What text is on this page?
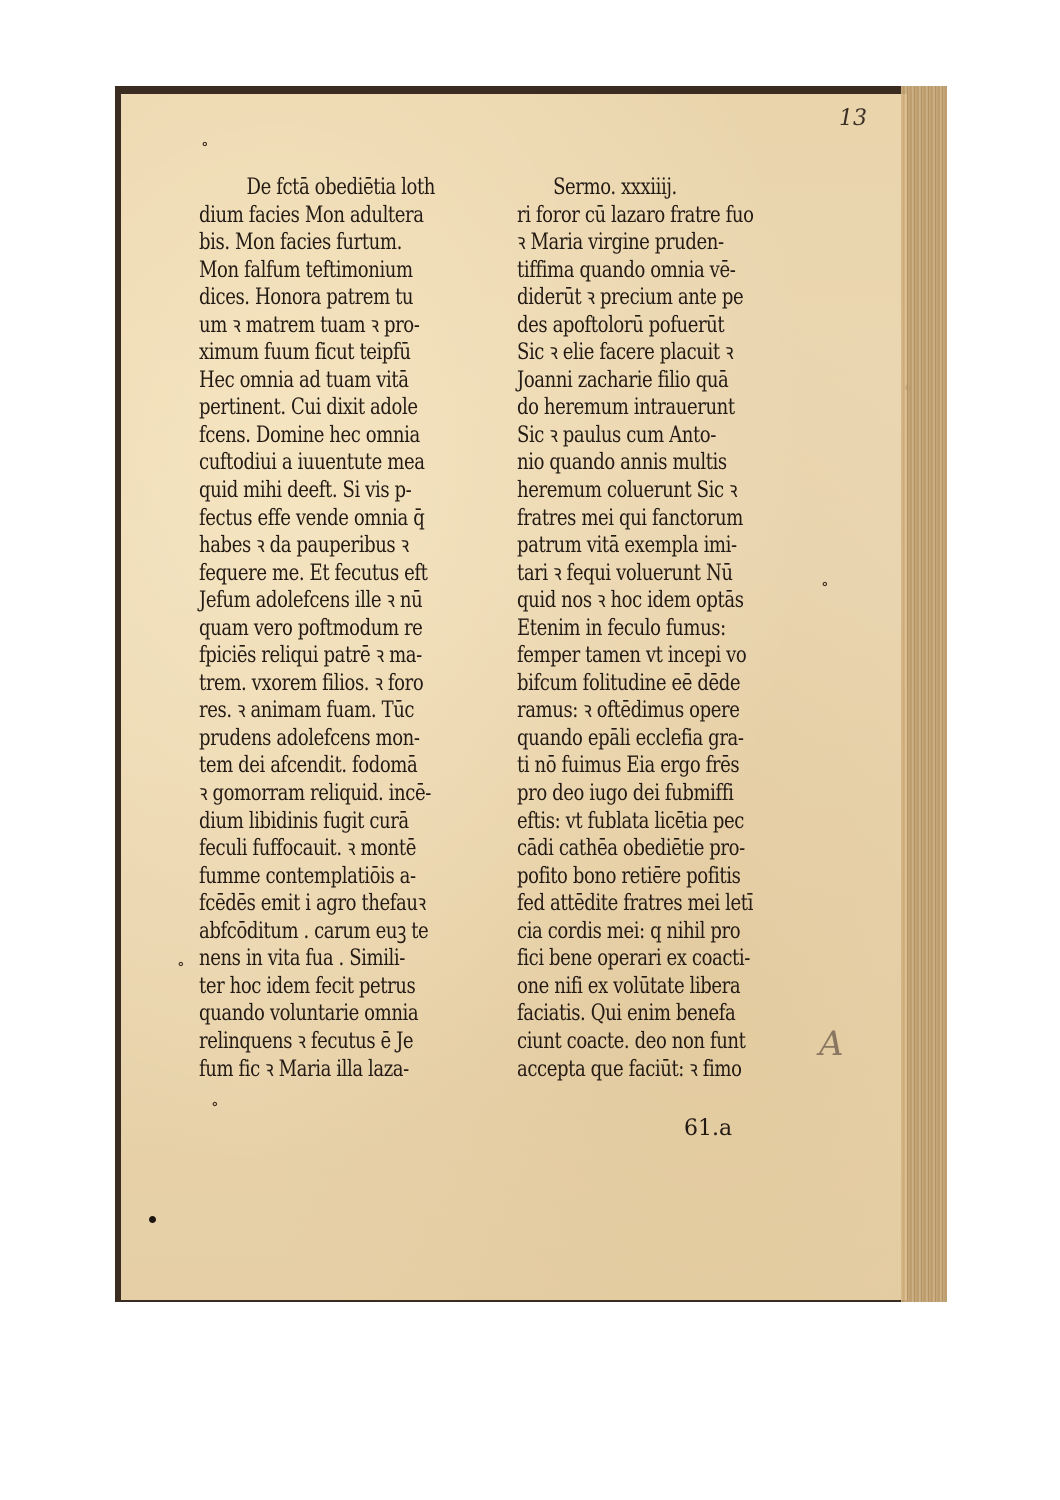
13
De fctā obediētia loth
dium facies Mon adultera
bis. Mon facies furtum.
Mon falfum teftimonium
dices. Honora patrem tu
um ꝛ matrem tuam ꝛ pro-
ximum fuum ficut teipfū
Hec omnia ad tuam vitā
pertinent. Cui dixit adole
fcens. Domine hec omnia
cuftodiui a iuuentute mea
quid mihi deeft. Si vis p-
fectus effe vende omnia q̄
habes ꝛ da pauperibus ꝛ
fequere me. Et fecutus eft
Jefum adolefcens ille ꝛ nū
quam vero poftmodum re
fpiciēs reliqui patrē ꝛ ma-
trem. vxorem filios. ꝛ foro
res. ꝛ animam fuam. Tūc
prudens adolefcens mon-
tem dei afcendit. fodomā
ꝛ gomorram reliquid. incē-
dium libidinis fugit curā
feculi fuffocauit. ꝛ montē
fumme contemplatiōis a-
fcēdēs emit i agro thefauꝛ
abfcōditum . carum euꝫ te
nens in vita fua . Simili-
ter hoc idem fecit petrus
quando voluntarie omnia
relinquens ꝛ fecutus ē Je
fum fic ꝛ Maria illa laza-
Sermo. xxxiiij.
ri foror cū lazaro fratre fuo
ꝛ Maria virgine pruden-
tiffima quando omnia vē-
diderūt ꝛ precium ante pe
des apoftolorū pofuerūt
Sic ꝛ elie facere placuit ꝛ
Joanni zacharie filio quā
do heremum intrauerunt
Sic ꝛ paulus cum Anto-
nio quando annis multis
heremum coluerunt Sic ꝛ
fratres mei qui fanctorum
patrum vitā exempla imi-
tari ꝛ fequi voluerunt Nū
quid nos ꝛ hoc idem optās
Etenim in feculo fumus:
femper tamen vt incepi vo
bifcum folitudine eē dēde
ramus: ꝛ oftēdimus opere
quando epāli ecclefia gra-
ti nō fuimus Eia ergo frēs
pro deo iugo dei fubmiffi
eftis: vt fublata licētia pec
cādi cathēa obediētie pro-
pofito bono retiēre pofitis
fed attēdite fratres mei letī
cia cordis mei: q nihil pro
fici bene operari ex coacti-
one nifi ex volūtate libera
faciatis. Qui enim benefa
ciunt coacte. deo non funt
accepta que faciūt: ꝛ fimo
61.a
A
∘
∘
∘
∘
